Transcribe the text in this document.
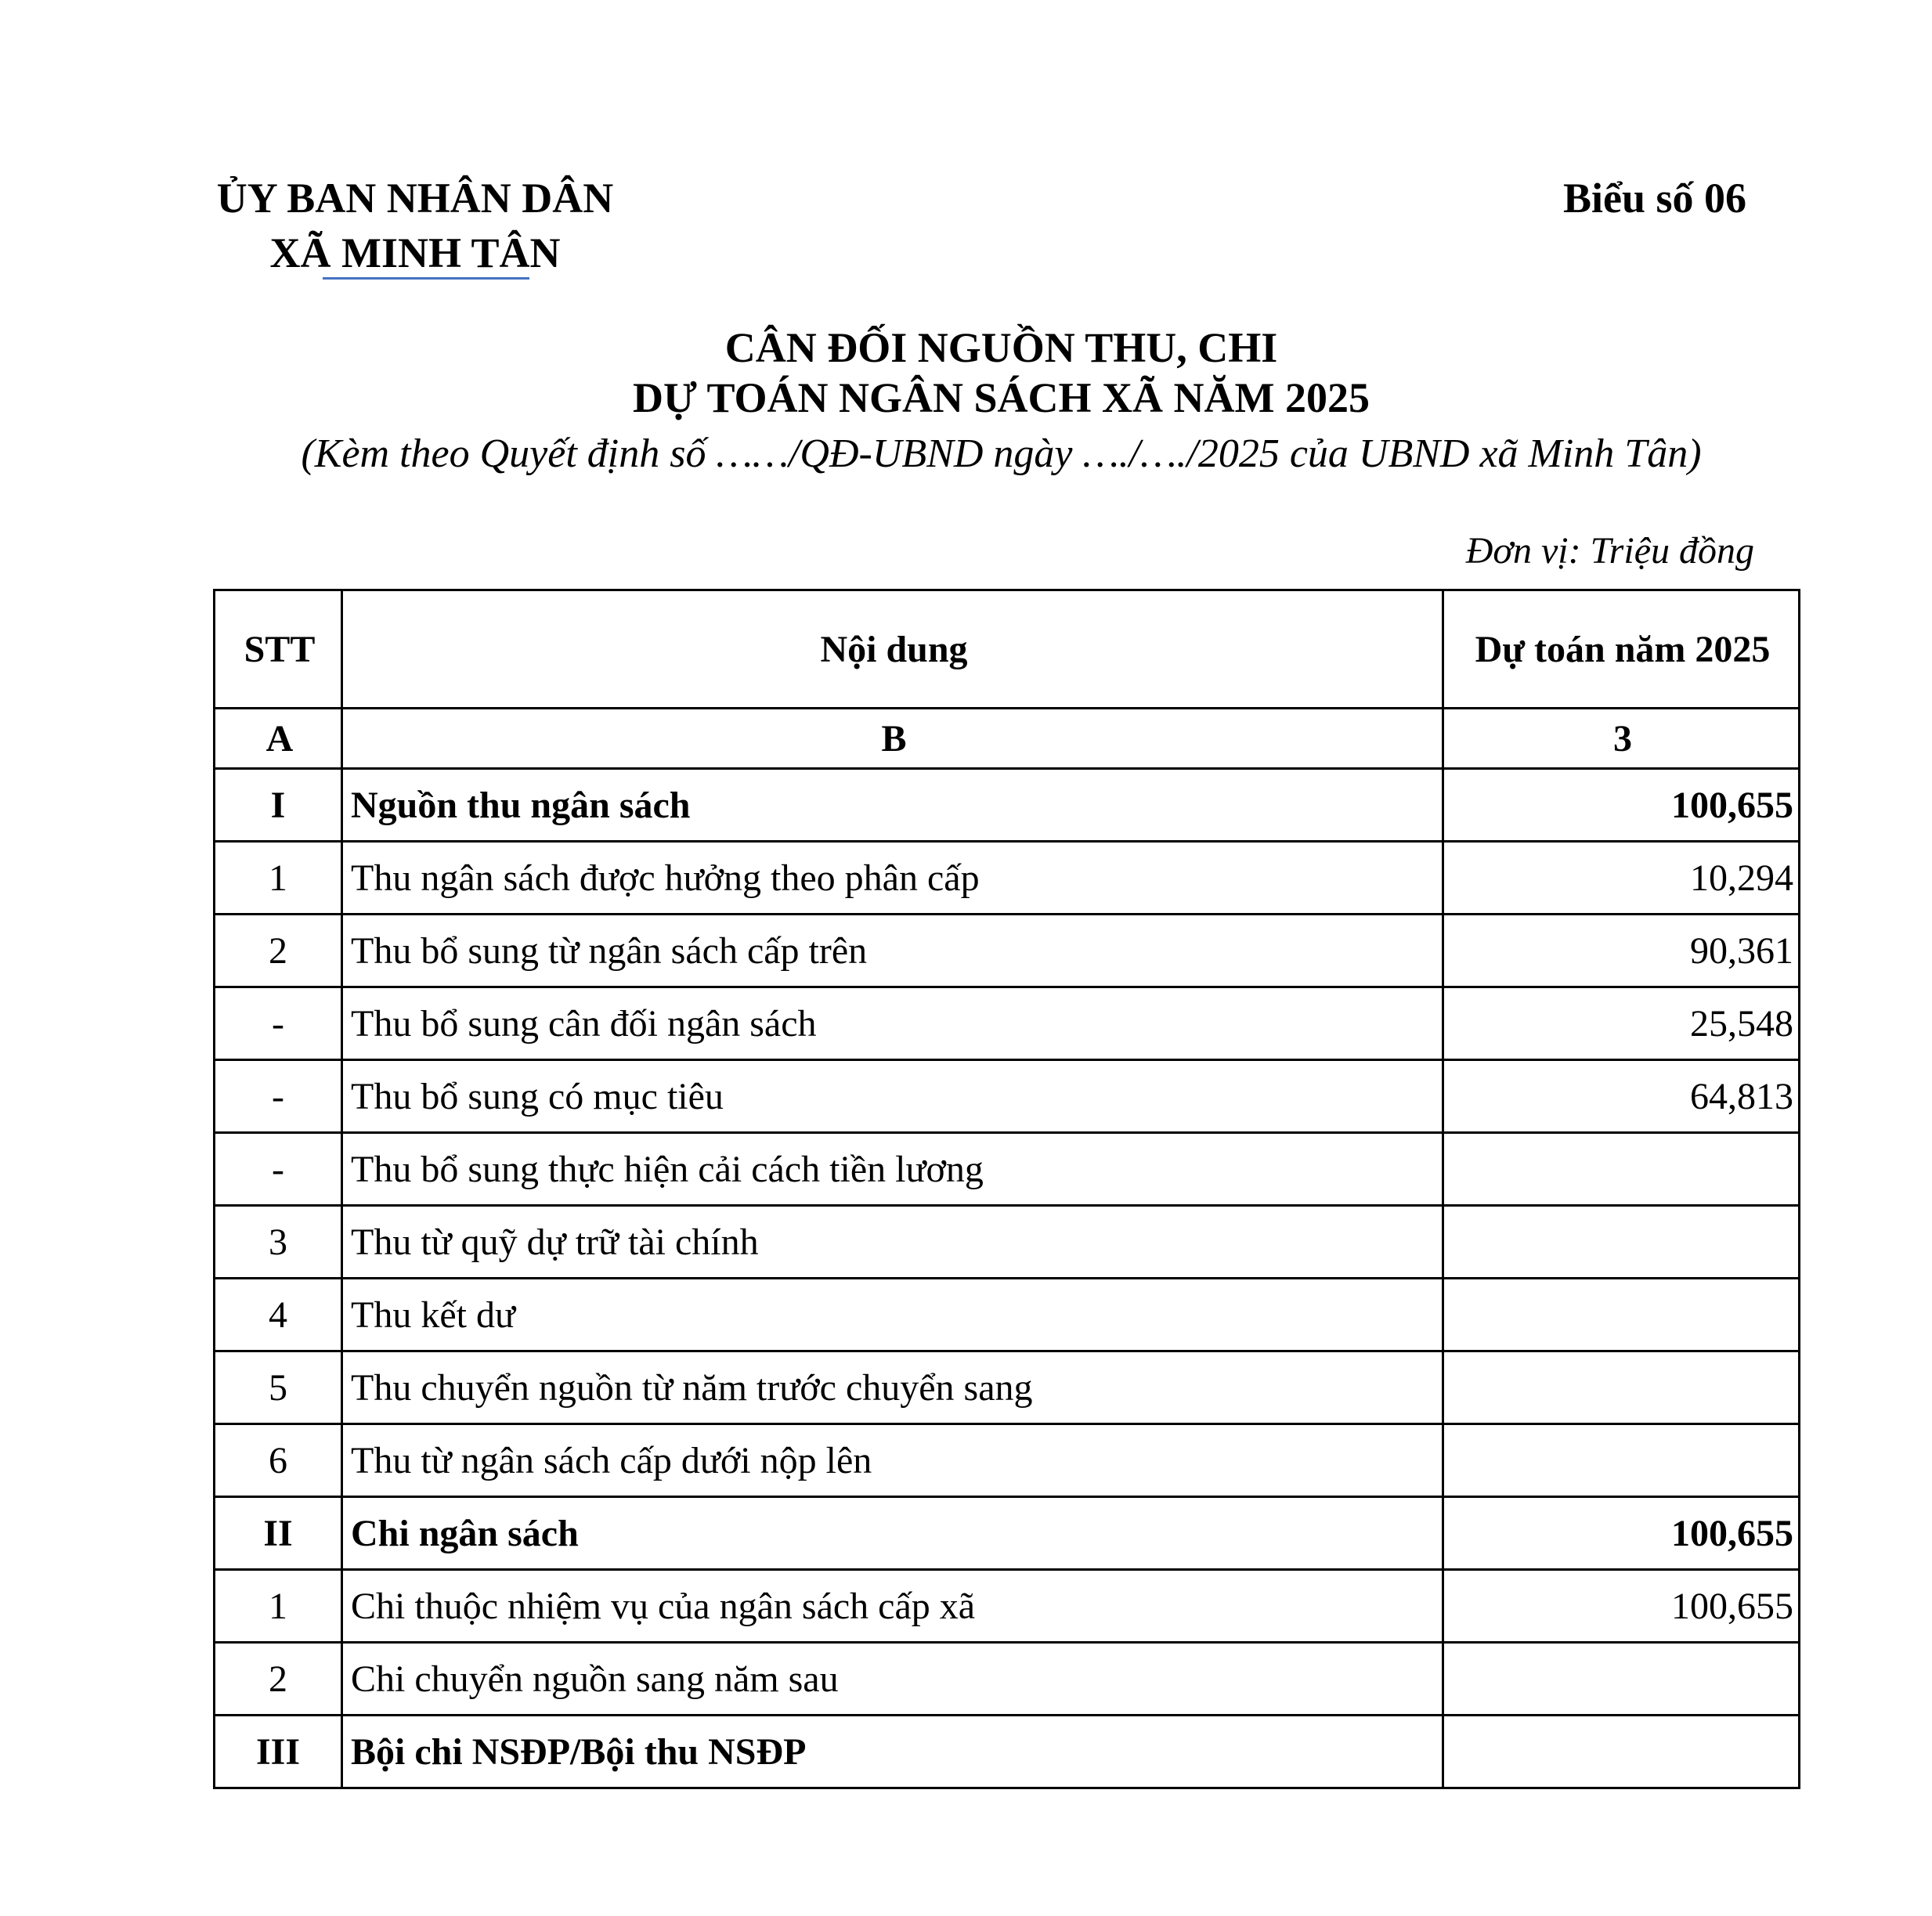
ỦY BAN NHÂN DÂN
XÃ MINH TÂN
Biểu số 06
CÂN ĐỐI NGUỒN THU, CHI
DỰ TOÁN NGÂN SÁCH XÃ NĂM 2025
(Kèm theo Quyết định số ……/QĐ-UBND ngày …./…./2025 của UBND xã Minh Tân)
Đơn vị: Triệu đồng
STT	Nội dung	Dự toán năm 2025
A	B	3
I	Nguồn thu ngân sách	100,655
1	Thu ngân sách được hưởng theo phân cấp	10,294
2	Thu bổ sung từ ngân sách cấp trên	90,361
-	Thu bổ sung cân đối ngân sách	25,548
-	Thu bổ sung có mục tiêu	64,813
-	Thu bổ sung thực hiện cải cách tiền lương	
3	Thu từ quỹ dự trữ tài chính	
4	Thu kết dư	
5	Thu chuyển nguồn từ năm trước chuyển sang	
6	Thu từ ngân sách cấp dưới nộp lên	
II	Chi ngân sách	100,655
1	Chi thuộc nhiệm vụ của ngân sách cấp xã	100,655
2	Chi chuyển nguồn sang năm sau	
III	Bội chi NSĐP/Bội thu NSĐP	
